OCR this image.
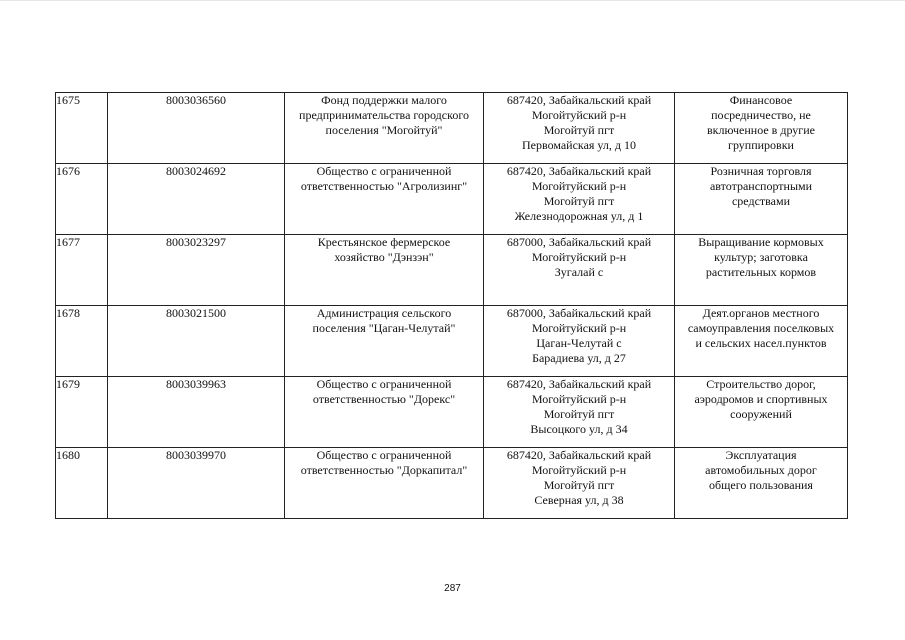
1675	8003036560	Фонд поддержки малого
предпринимательства городского
поселения "Могойтуй"	687420, Забайкальский край
Могойтуйский р-н
Могойтуй пгт
Первомайская ул, д 10	Финансовое
посредничество, не
включенное в другие
группировки

1676	8003024692	Общество с ограниченной
ответственностью "Агролизинг"	687420, Забайкальский край
Могойтуйский р-н
Могойтуй пгт
Железнодорожная ул, д 1	Розничная торговля
автотранспортными
средствами

1677	8003023297	Крестьянское фермерское
хозяйство "Дэнзэн"	687000, Забайкальский край
Могойтуйский р-н
Зугалай с	Выращивание кормовых
культур; заготовка
растительных кормов

1678	8003021500	Администрация сельского
поселения "Цаган-Челутай"	687000, Забайкальский край
Могойтуйский р-н
Цаган-Челутай с
Барадиева ул, д 27	Деят.органов местного
самоуправления поселковых
и сельских насел.пунктов

1679	8003039963	Общество с ограниченной
ответственностью "Дорекс"	687420, Забайкальский край
Могойтуйский р-н
Могойтуй пгт
Высоцкого ул, д 34	Строительство дорог,
аэродромов и спортивных
сооружений

1680	8003039970	Общество с ограниченной
ответственностью "Доркапитал"	687420, Забайкальский край
Могойтуйский р-н
Могойтуй пгт
Северная ул, д 38	Эксплуатация
автомобильных дорог
общего пользования
287
